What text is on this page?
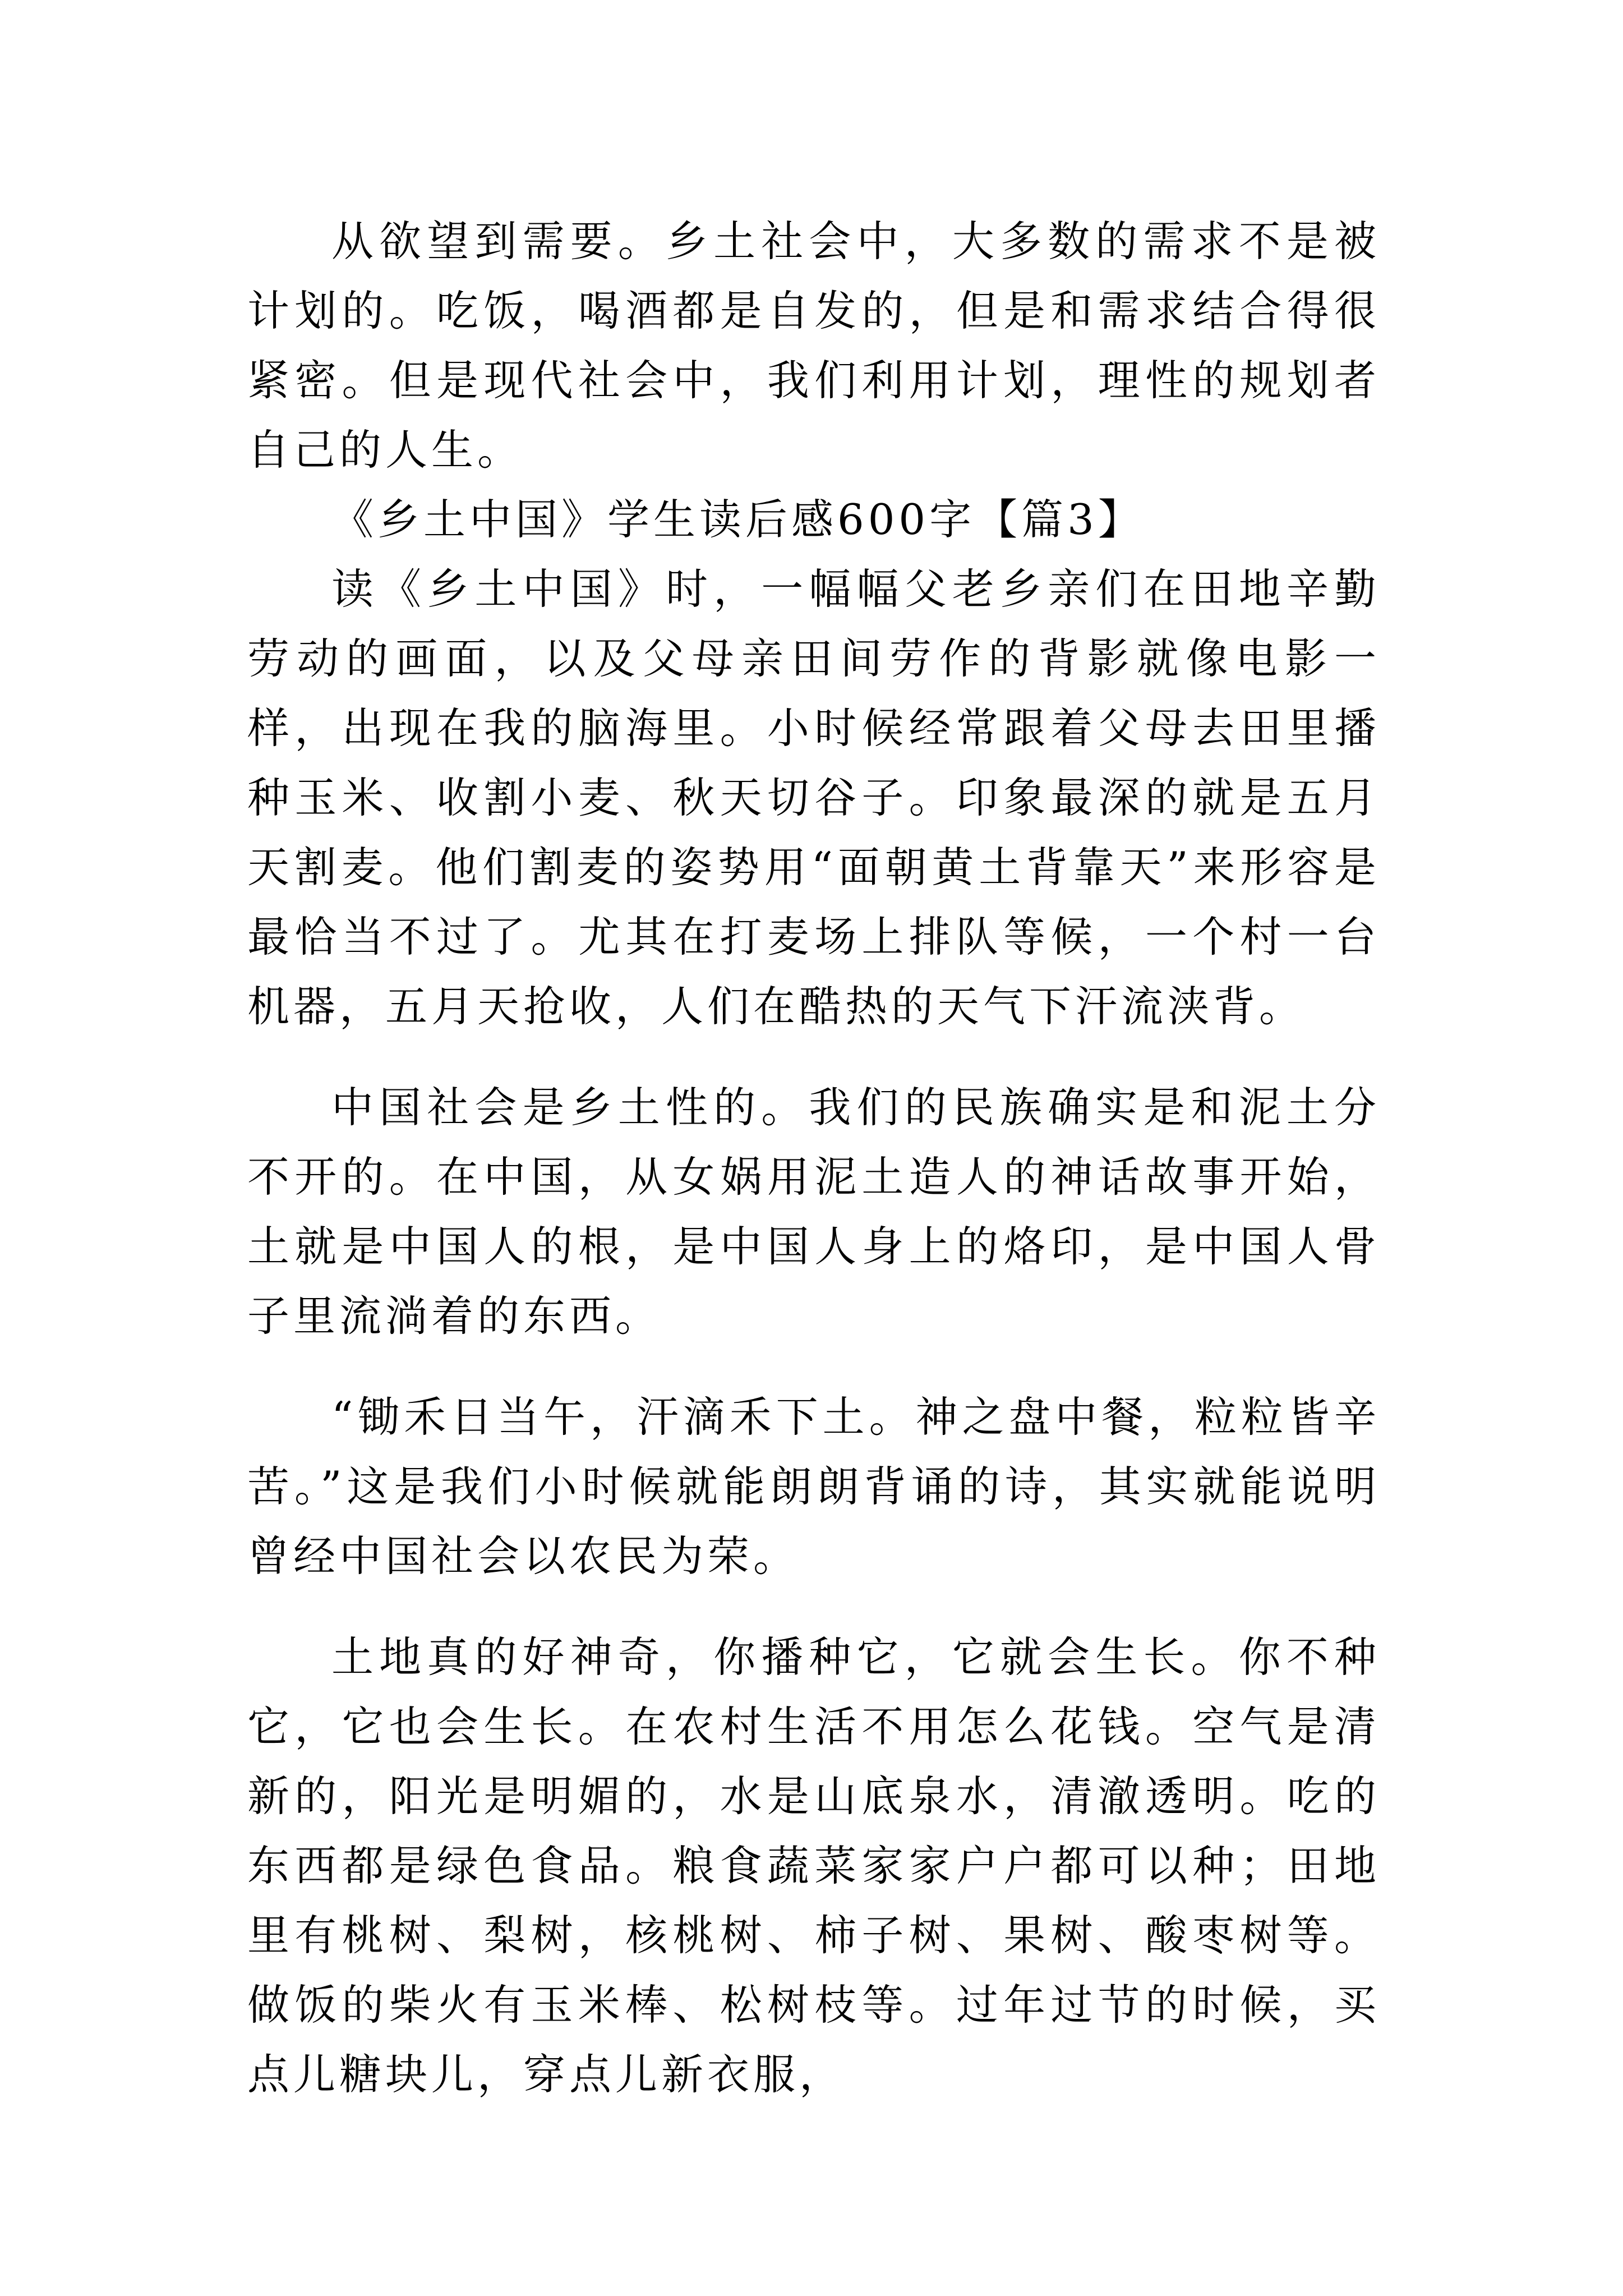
从欲望到需要。乡土社会中，大多数的需求不是被计划的。吃饭，喝酒都是自发的，但是和需求结合得很紧密。但是现代社会中，我们利用计划，理性的规划者自己的人生。

《乡土中国》学生读后感600字【篇3】

读《乡土中国》时，一幅幅父老乡亲们在田地辛勤劳动的画面，以及父母亲田间劳作的背影就像电影一样，出现在我的脑海里。小时候经常跟着父母去田里播种玉米、收割小麦、秋天切谷子。印象最深的就是五月天割麦。他们割麦的姿势用“面朝黄土背靠天”来形容是最恰当不过了。尤其在打麦场上排队等候，一个村一台机器，五月天抢收，人们在酷热的天气下汗流浃背。

中国社会是乡土性的。我们的民族确实是和泥土分不开的。在中国，从女娲用泥土造人的神话故事开始，土就是中国人的根，是中国人身上的烙印，是中国人骨子里流淌着的东西。

“锄禾日当午，汗滴禾下土。神之盘中餐，粒粒皆辛苦。”这是我们小时候就能朗朗背诵的诗，其实就能说明曾经中国社会以农民为荣。

土地真的好神奇，你播种它，它就会生长。你不种它，它也会生长。在农村生活不用怎么花钱。空气是清新的，阳光是明媚的，水是山底泉水，清澈透明。吃的东西都是绿色食品。粮食蔬菜家家户户都可以种；田地里有桃树、梨树，核桃树、柿子树、果树、酸枣树等。做饭的柴火有玉米棒、松树枝等。过年过节的时候，买点儿糖块儿，穿点儿新衣服，
